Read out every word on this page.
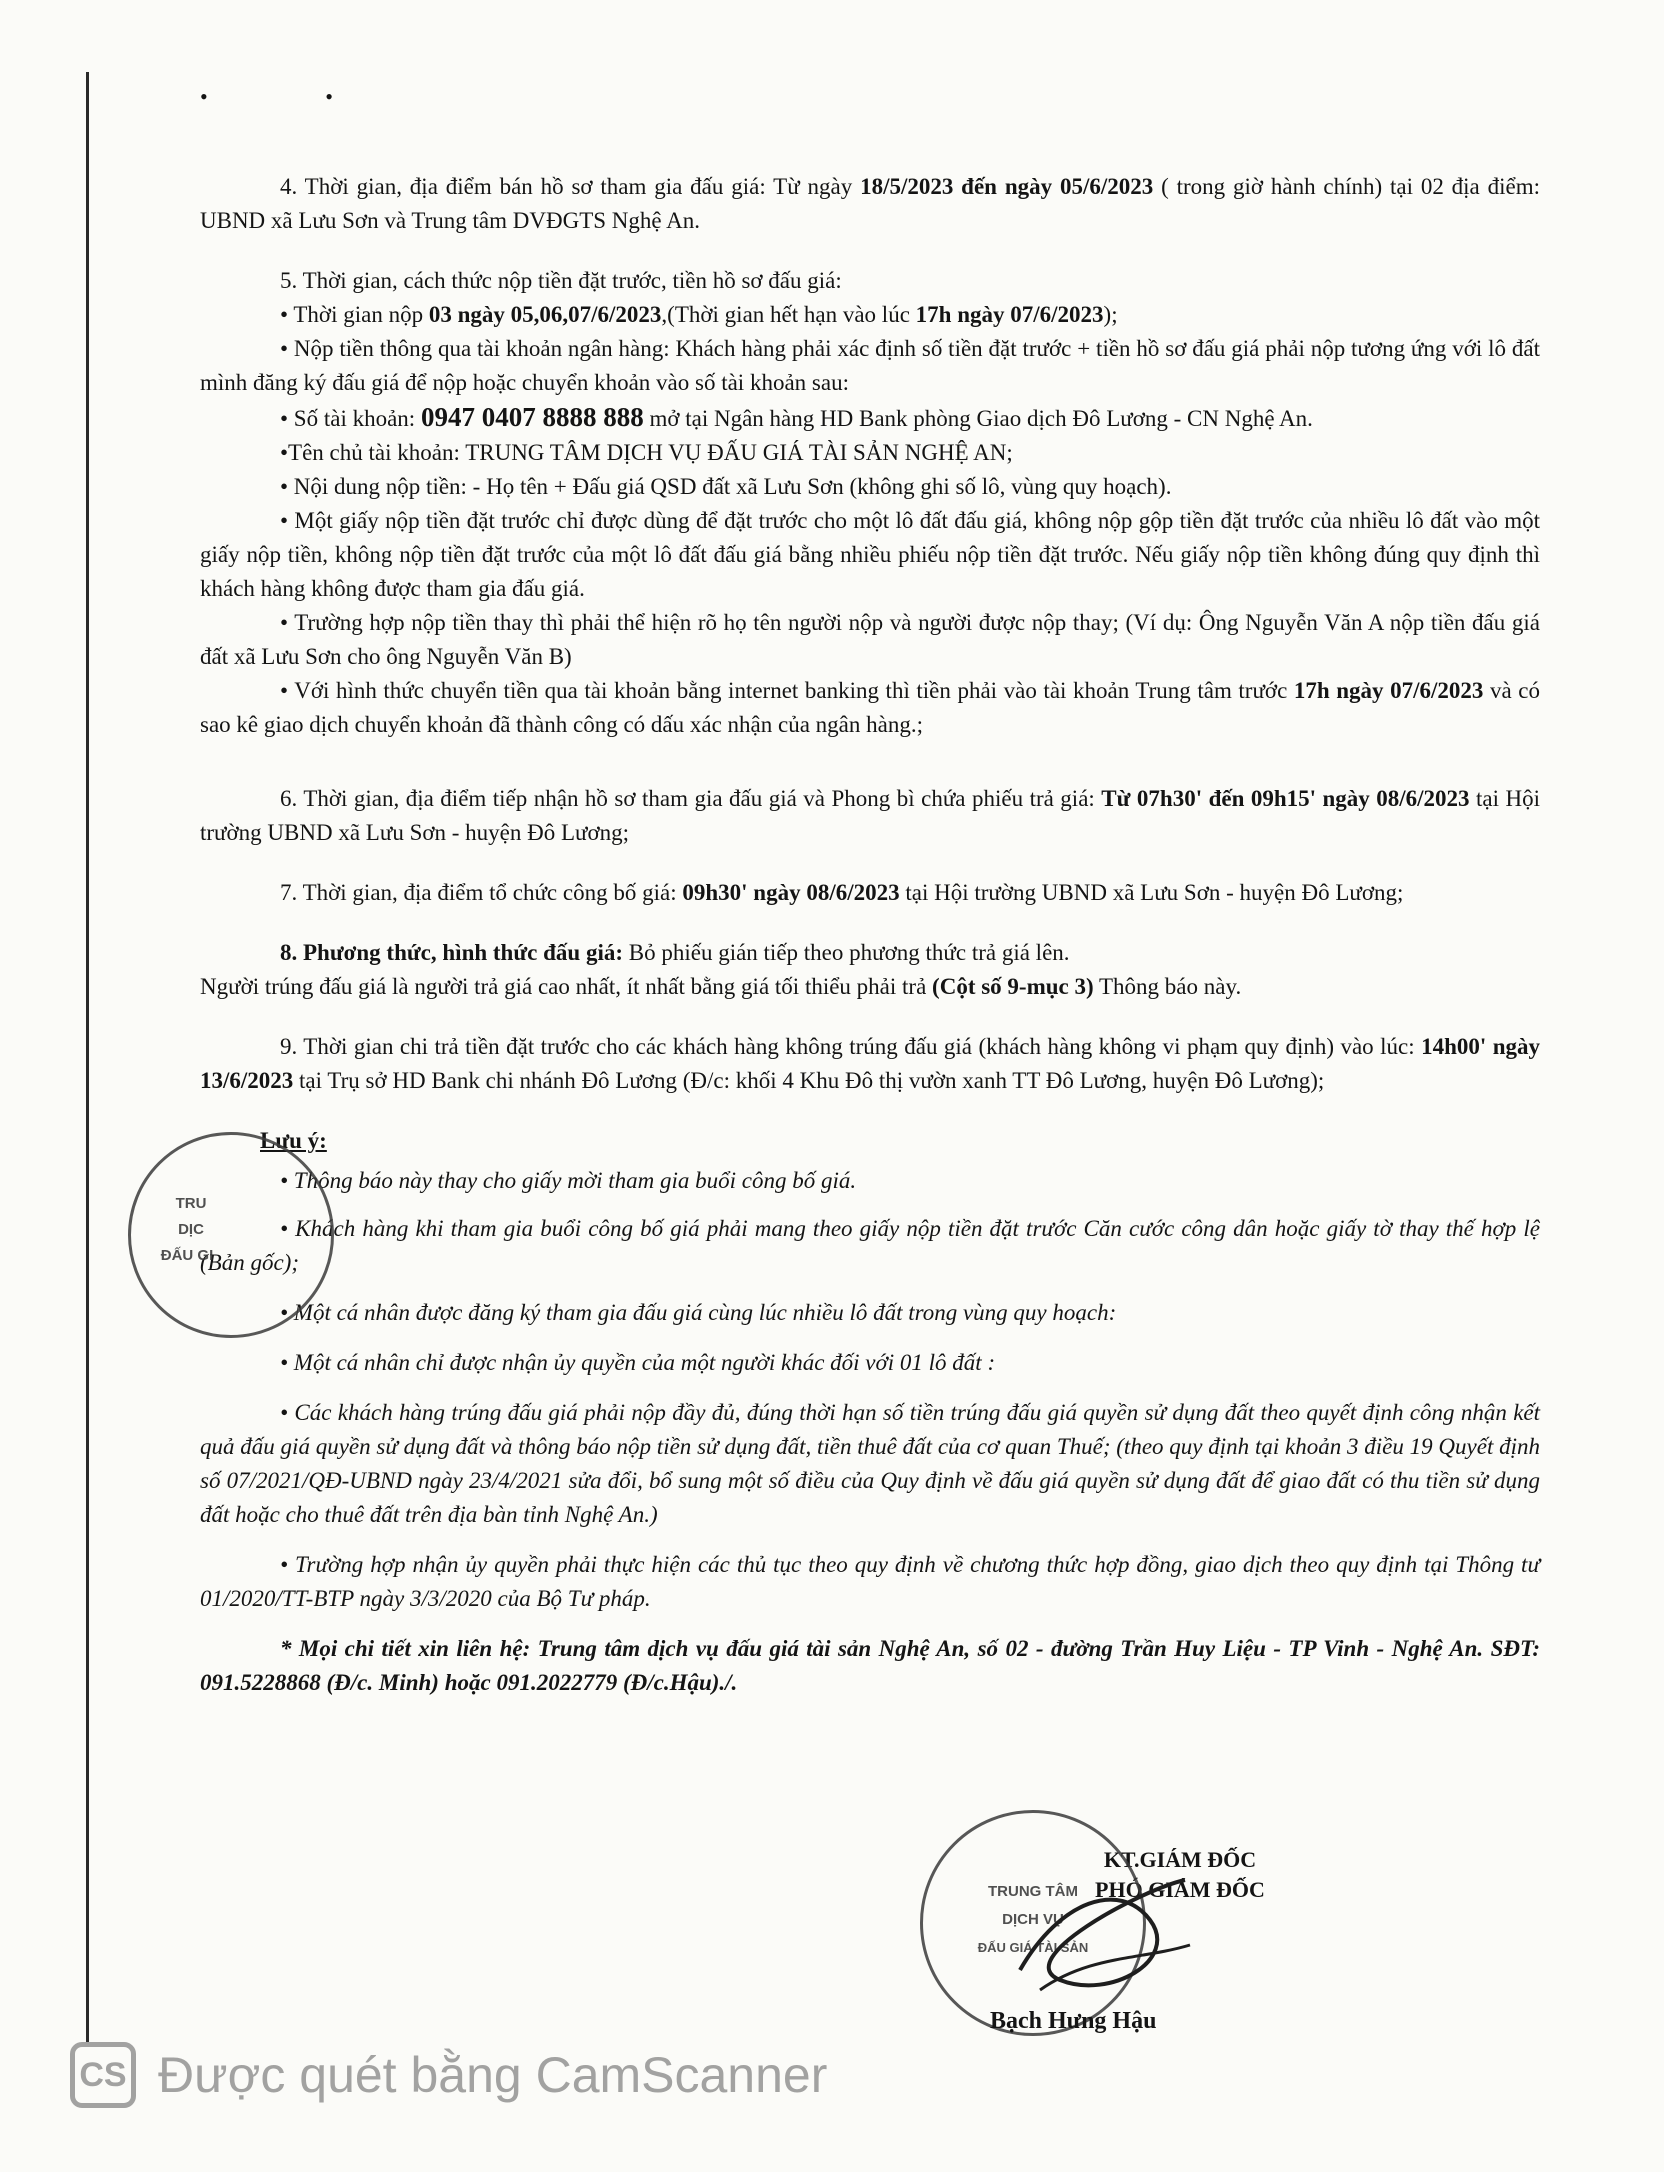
• •

4. Thời gian, địa điểm bán hồ sơ tham gia đấu giá: Từ ngày 18/5/2023 đến ngày 05/6/2023 ( trong giờ hành chính) tại 02 địa điểm: UBND xã Lưu Sơn và Trung tâm DVĐGTS Nghệ An.

5. Thời gian, cách thức nộp tiền đặt trước, tiền hồ sơ đấu giá:

• Thời gian nộp 03 ngày 05,06,07/6/2023,(Thời gian hết hạn vào lúc 17h ngày 07/6/2023);

• Nộp tiền thông qua tài khoản ngân hàng: Khách hàng phải xác định số tiền đặt trước + tiền hồ sơ đấu giá phải nộp tương ứng với lô đất mình đăng ký đấu giá để nộp hoặc chuyển khoản vào số tài khoản sau:

• Số tài khoản: 0947 0407 8888 888 mở tại Ngân hàng HD Bank phòng Giao dịch Đô Lương - CN Nghệ An.

•Tên chủ tài khoản: TRUNG TÂM DỊCH VỤ ĐẤU GIÁ TÀI SẢN NGHỆ AN;

• Nội dung nộp tiền: - Họ tên + Đấu giá QSD đất xã Lưu Sơn (không ghi số lô, vùng quy hoạch).

• Một giấy nộp tiền đặt trước chỉ được dùng để đặt trước cho một lô đất đấu giá, không nộp gộp tiền đặt trước của nhiều lô đất vào một giấy nộp tiền, không nộp tiền đặt trước của một lô đất đấu giá bằng nhiều phiếu nộp tiền đặt trước. Nếu giấy nộp tiền không đúng quy định thì khách hàng không được tham gia đấu giá.

• Trường hợp nộp tiền thay thì phải thể hiện rõ họ tên người nộp và người được nộp thay; (Ví dụ: Ông Nguyễn Văn A nộp tiền đấu giá đất xã Lưu Sơn cho ông Nguyễn Văn B)

• Với hình thức chuyển tiền qua tài khoản bằng internet banking thì tiền phải vào tài khoản Trung tâm trước 17h ngày 07/6/2023 và có sao kê giao dịch chuyển khoản đã thành công có dấu xác nhận của ngân hàng.;

6. Thời gian, địa điểm tiếp nhận hồ sơ tham gia đấu giá và Phong bì chứa phiếu trả giá: Từ 07h30' đến 09h15' ngày 08/6/2023 tại Hội trường UBND xã Lưu Sơn - huyện Đô Lương;

7. Thời gian, địa điểm tổ chức công bố giá: 09h30' ngày 08/6/2023 tại Hội trường UBND xã Lưu Sơn - huyện Đô Lương;

8. Phương thức, hình thức đấu giá: Bỏ phiếu gián tiếp theo phương thức trả giá lên.

Người trúng đấu giá là người trả giá cao nhất, ít nhất bằng giá tối thiểu phải trả (Cột số 9-mục 3) Thông báo này.

9. Thời gian chi trả tiền đặt trước cho các khách hàng không trúng đấu giá (khách hàng không vi phạm quy định) vào lúc: 14h00' ngày 13/6/2023 tại Trụ sở HD Bank chi nhánh Đô Lương (Đ/c: khối 4 Khu Đô thị vườn xanh TT Đô Lương, huyện Đô Lương);

Lưu ý:

• Thông báo này thay cho giấy mời tham gia buổi công bố giá.

• Khách hàng khi tham gia buổi công bố giá phải mang theo giấy nộp tiền đặt trước Căn cước công dân hoặc giấy tờ thay thế hợp lệ (Bản gốc);

• Một cá nhân được đăng ký tham gia đấu giá cùng lúc nhiều lô đất trong vùng quy hoạch:

• Một cá nhân chỉ được nhận ủy quyền của một người khác đối với 01 lô đất :

• Các khách hàng trúng đấu giá phải nộp đầy đủ, đúng thời hạn số tiền trúng đấu giá quyền sử dụng đất theo quyết định công nhận kết quả đấu giá quyền sử dụng đất và thông báo nộp tiền sử dụng đất, tiền thuê đất của cơ quan Thuế; (theo quy định tại khoản 3 điều 19 Quyết định số 07/2021/QĐ-UBND ngày 23/4/2021 sửa đổi, bổ sung một số điều của Quy định về đấu giá quyền sử dụng đất để giao đất có thu tiền sử dụng đất hoặc cho thuê đất trên địa bàn tỉnh Nghệ An.)

• Trường hợp nhận ủy quyền phải thực hiện các thủ tục theo quy định về chương thức hợp đồng, giao dịch theo quy định tại Thông tư 01/2020/TT-BTP ngày 3/3/2020 của Bộ Tư pháp.

* Mọi chi tiết xin liên hệ: Trung tâm dịch vụ đấu giá tài sản Nghệ An, số 02 - đường Trần Huy Liệu - TP Vinh - Nghệ An. SĐT: 091.5228868 (Đ/c. Minh) hoặc 091.2022779 (Đ/c.Hậu)./.

TRU
DỊC
ĐẤU GI
KT.GIÁM ĐỐC
PHÓ GIÁM ĐỐC
TRUNG TÂM
DỊCH VỤ
ĐẤU GIÁ TÀI SẢN
Bạch Hưng Hậu
CS Được quét bằng CamScanner
